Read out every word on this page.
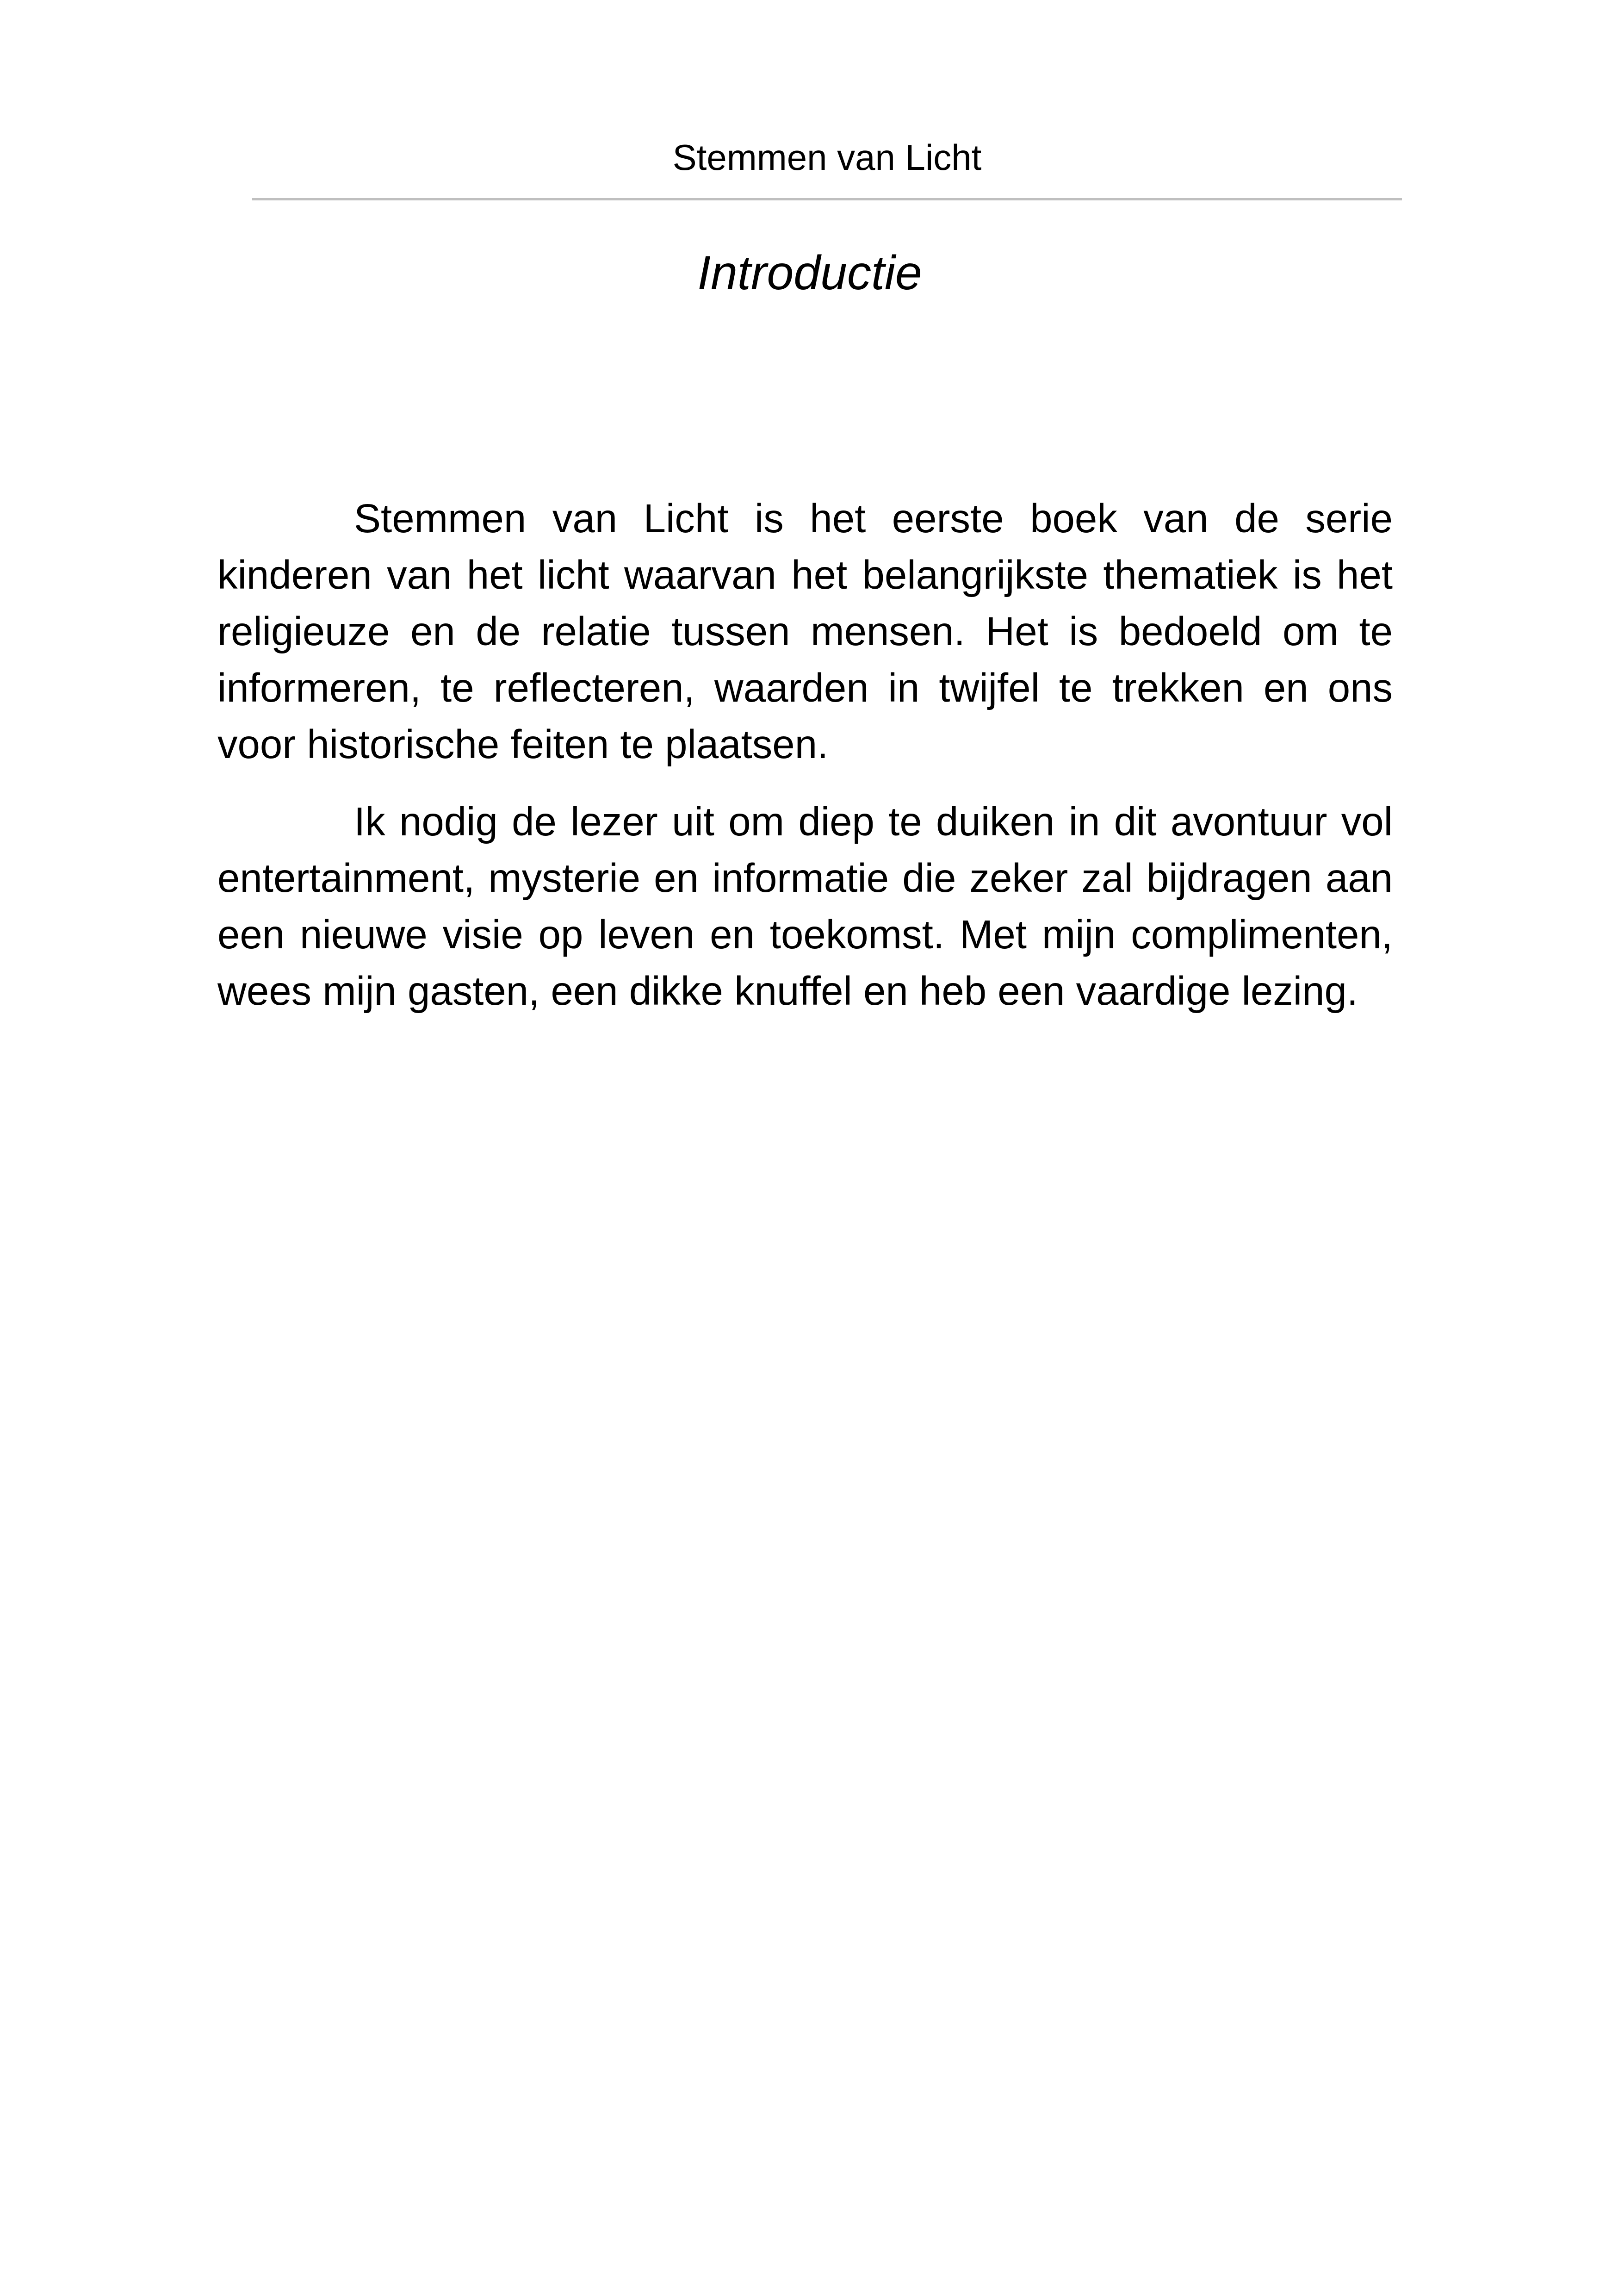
Stemmen van Licht
Introductie

Stemmen van Licht is het eerste boek van de serie kinderen van het licht waarvan het belangrijkste thematiek is het religieuze en de relatie tussen mensen. Het is bedoeld om te informeren, te reflecteren, waarden in twijfel te trekken en ons voor historische feiten te plaatsen.

Ik nodig de lezer uit om diep te duiken in dit avontuur vol entertainment, mysterie en informatie die zeker zal bijdragen aan een nieuwe visie op leven en toekomst. Met mijn complimenten, wees mijn gasten, een dikke knuffel en heb een vaardige lezing.
